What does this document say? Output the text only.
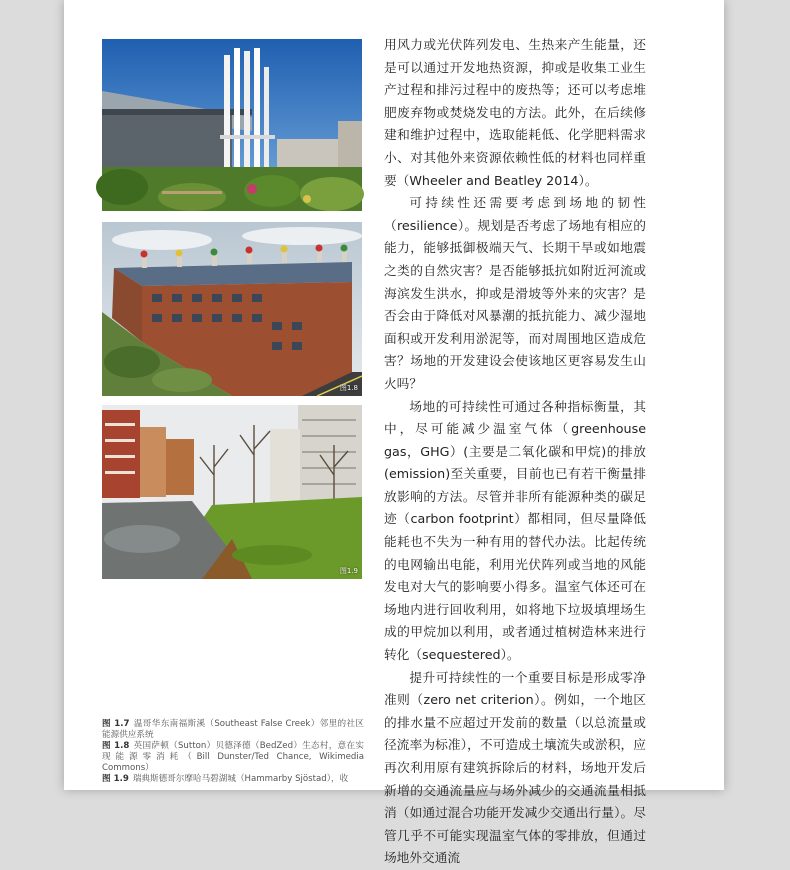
图1.8
图1.9

图 1.7 温哥华东南福斯溪（Southeast False Creek）邻里的社区能源供应系统

图 1.8 英国萨顿（Sutton）贝德泽德（BedZed）生态村，意在实现能源零消耗（Bill Dunster/Ted Chance, Wikimedia Commons）

图 1.9 瑞典斯德哥尔摩哈马碧湖城（Hammarby Sjöstad），收

用风力或光伏阵列发电、生热来产生能量，还是可以通过开发地热资源，抑或是收集工业生产过程和排污过程中的废热等；还可以考虑堆肥废弃物或焚烧发电的方法。此外，在后续修建和维护过程中，选取能耗低、化学肥料需求小、对其他外来资源依赖性低的材料也同样重要（Wheeler and Beatley 2014）。

可持续性还需要考虑到场地的韧性（resilience）。规划是否考虑了场地有相应的能力，能够抵御极端天气、长期干旱或如地震之类的自然灾害？是否能够抵抗如附近河流或海滨发生洪水，抑或是滑坡等外来的灾害？是否会由于降低对风暴潮的抵抗能力、减少湿地面积或开发利用淤泥等，而对周围地区造成危害？场地的开发建设会使该地区更容易发生山火吗？

场地的可持续性可通过各种指标衡量，其中，尽可能减少温室气体（greenhouse gas，GHG）(主要是二氧化碳和甲烷)的排放(emission)至关重要，目前也已有若干衡量排放影响的方法。尽管并非所有能源种类的碳足迹（carbon footprint）都相同，但尽量降低能耗也不失为一种有用的替代办法。比起传统的电网输出电能，利用光伏阵列或当地的风能发电对大气的影响要小得多。温室气体还可在场地内进行回收利用，如将地下垃圾填埋场生成的甲烷加以利用，或者通过植树造林来进行转化（sequestered）。

提升可持续性的一个重要目标是形成零净准则（zero net criterion）。例如，一个地区的排水量不应超过开发前的数量（以总流量或径流率为标准），不可造成土壤流失或淤积，应再次利用原有建筑拆除后的材料，场地开发后新增的交通流量应与场外减少的交通流量相抵消（如通过混合功能开发减少交通出行量）。尽管几乎不可能实现温室气体的零排放，但通过场地外交通流
